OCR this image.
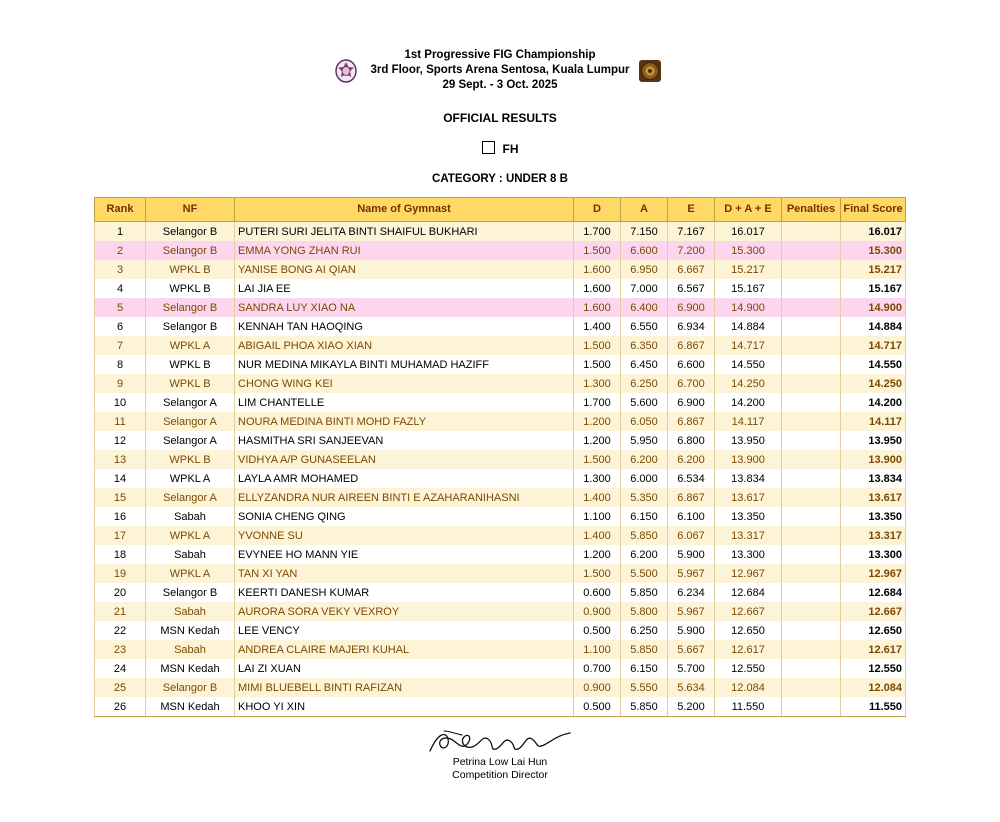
1st Progressive FIG Championship
3rd Floor, Sports Arena Sentosa, Kuala Lumpur
29 Sept. - 3 Oct. 2025
OFFICIAL RESULTS
FH
CATEGORY : UNDER 8 B
Rank	NF	Name of Gymnast	D	A	E	D + A + E	Penalties	Final Score
1	Selangor B	PUTERI SURI JELITA BINTI SHAIFUL BUKHARI	1.700	7.150	7.167	16.017		16.017
2	Selangor B	EMMA YONG ZHAN RUI	1.500	6.600	7.200	15.300		15.300
3	WPKL B	YANISE BONG AI QIAN	1.600	6.950	6.667	15.217		15.217
4	WPKL B	LAI JIA EE	1.600	7.000	6.567	15.167		15.167
5	Selangor B	SANDRA LUY XIAO NA	1.600	6.400	6.900	14.900		14.900
6	Selangor B	KENNAH TAN HAOQING	1.400	6.550	6.934	14.884		14.884
7	WPKL A	ABIGAIL PHOA XIAO XIAN	1.500	6.350	6.867	14.717		14.717
8	WPKL B	NUR MEDINA MIKAYLA BINTI MUHAMAD HAZIFF	1.500	6.450	6.600	14.550		14.550
9	WPKL B	CHONG WING KEI	1.300	6.250	6.700	14.250		14.250
10	Selangor A	LIM CHANTELLE	1.700	5.600	6.900	14.200		14.200
11	Selangor A	NOURA MEDINA BINTI MOHD FAZLY	1.200	6.050	6.867	14.117		14.117
12	Selangor A	HASMITHA SRI SANJEEVAN	1.200	5.950	6.800	13.950		13.950
13	WPKL B	VIDHYA A/P GUNASEELAN	1.500	6.200	6.200	13.900		13.900
14	WPKL A	LAYLA AMR MOHAMED	1.300	6.000	6.534	13.834		13.834
15	Selangor A	ELLYZANDRA NUR AIREEN BINTI E AZAHARANIHASNI	1.400	5.350	6.867	13.617		13.617
16	Sabah	SONIA CHENG QING	1.100	6.150	6.100	13.350		13.350
17	WPKL A	YVONNE SU	1.400	5.850	6.067	13.317		13.317
18	Sabah	EVYNEE HO MANN YIE	1.200	6.200	5.900	13.300		13.300
19	WPKL A	TAN XI YAN	1.500	5.500	5.967	12.967		12.967
20	Selangor B	KEERTI DANESH KUMAR	0.600	5.850	6.234	12.684		12.684
21	Sabah	AURORA SORA VEKY VEXROY	0.900	5.800	5.967	12.667		12.667
22	MSN Kedah	LEE VENCY	0.500	6.250	5.900	12.650		12.650
23	Sabah	ANDREA CLAIRE MAJERI KUHAL	1.100	5.850	5.667	12.617		12.617
24	MSN Kedah	LAI ZI XUAN	0.700	6.150	5.700	12.550		12.550
25	Selangor B	MIMI BLUEBELL BINTI RAFIZAN	0.900	5.550	5.634	12.084		12.084
26	MSN Kedah	KHOO YI XIN	0.500	5.850	5.200	11.550		11.550
Petrina Low Lai Hun
Competition Director
